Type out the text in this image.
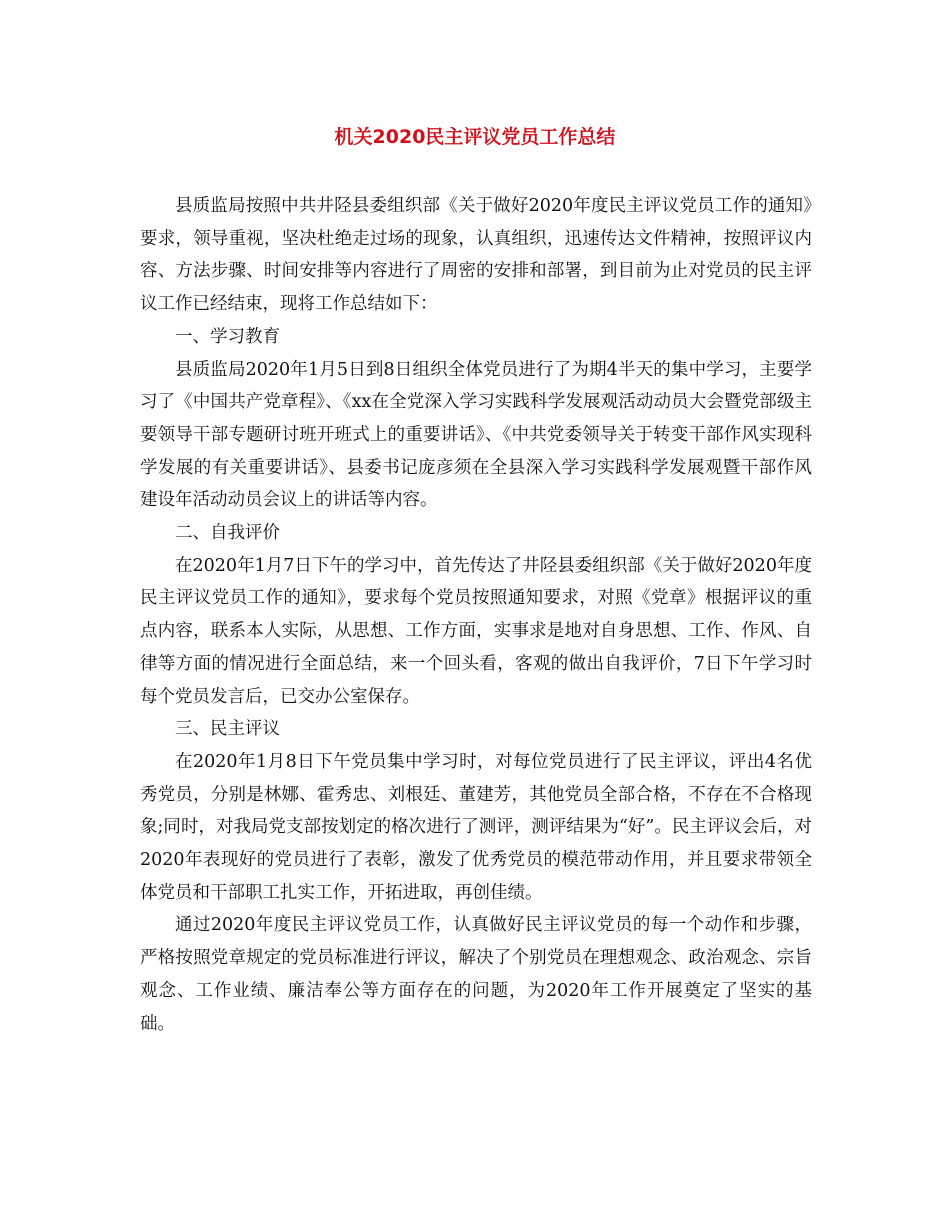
机关2020民主评议党员工作总结

县质监局按照中共井陉县委组织部《关于做好2020年度民主评议党员工作的通知》要求，领导重视，坚决杜绝走过场的现象，认真组织，迅速传达文件精神，按照评议内容、方法步骤、时间安排等内容进行了周密的安排和部署，到目前为止对党员的民主评议工作已经结束，现将工作总结如下：

一、学习教育

县质监局2020年1月5日到8日组织全体党员进行了为期4半天的集中学习，主要学习了《中国共产党章程》、《xx在全党深入学习实践科学发展观活动动员大会暨党部级主要领导干部专题研讨班开班式上的重要讲话》、《中共党委领导关于转变干部作风实现科学发展的有关重要讲话》、县委书记庞彦须在全县深入学习实践科学发展观暨干部作风建设年活动动员会议上的讲话等内容。

二、自我评价

在2020年1月7日下午的学习中，首先传达了井陉县委组织部《关于做好2020年度民主评议党员工作的通知》，要求每个党员按照通知要求，对照《党章》根据评议的重点内容，联系本人实际，从思想、工作方面，实事求是地对自身思想、工作、作风、自律等方面的情况进行全面总结，来一个回头看，客观的做出自我评价，7日下午学习时每个党员发言后，已交办公室保存。

三、民主评议

在2020年1月8日下午党员集中学习时，对每位党员进行了民主评议，评出4名优秀党员，分别是林娜、霍秀忠、刘根廷、董建芳，其他党员全部合格，不存在不合格现象;同时，对我局党支部按划定的格次进行了测评，测评结果为“好”。民主评议会后，对2020年表现好的党员进行了表彰，激发了优秀党员的模范带动作用，并且要求带领全体党员和干部职工扎实工作，开拓进取，再创佳绩。

通过2020年度民主评议党员工作，认真做好民主评议党员的每一个动作和步骤，严格按照党章规定的党员标准进行评议，解决了个别党员在理想观念、政治观念、宗旨观念、工作业绩、廉洁奉公等方面存在的问题，为2020年工作开展奠定了坚实的基础。
